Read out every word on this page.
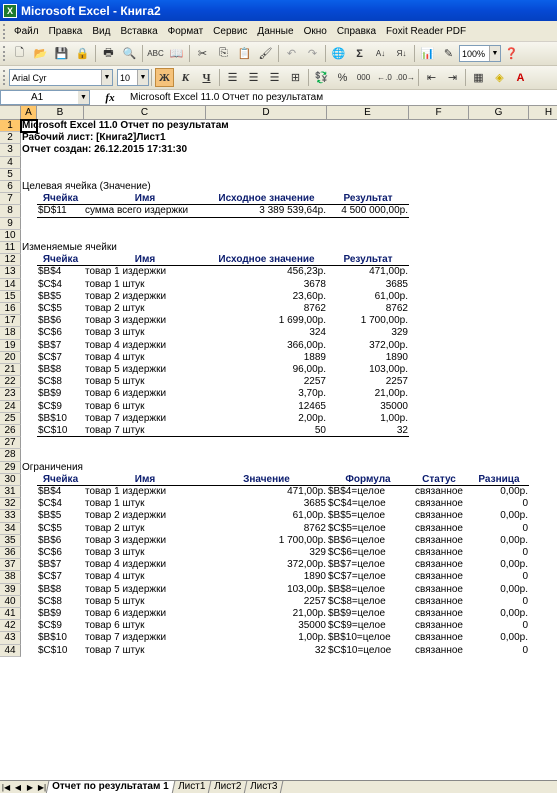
X Microsoft Excel - Книга2
Файл	Правка	Вид	Вставка	Формат	Сервис	Данные	Окно	Справка	Foxit Reader PDF
🗋 📂 💾 🔒	🖶 🔍	ABC 📖	✂	⎘ 📋 🖌	↶	↷	🌐 Σ	A↓	Я↓	📊 ✎ 100% ▼ ❓
Arial Cyr	▼ 10	▼	Ж	К	Ч	☰	☰	☰	⊞	💱 %	000 ←.0 .00→	⇤	⇥	▦	◈	A
A1	▼	fx	Microsoft Excel 11.0 Отчет по результатам
A	B	C	D	E	F	G	H
1 Microsoft Excel 11.0 Отчет по результатам
2 Рабочий лист: [Книга2]Лист1
3 Отчет создан: 26.12.2015 17:31:30
4
5
6 Целевая ячейка (Значение)
7	Ячейка	Имя	Исходное значение	Результат
8	$D$11	сумма всего издержки	3 389 539,64р.	4 500 000,00р.
9
10
11 Изменяемые ячейки
12	Ячейка	Имя	Исходное значение	Результат
13	$B$4	товар 1 издержки	456,23р.	471,00р.
14	$C$4	товар 1 штук	3678	3685
15	$B$5	товар 2 издержки	23,60р.	61,00р.
16	$C$5	товар 2 штук	8762	8762
17	$B$6	товар 3 издержки	1 699,00р.	1 700,00р.
18	$C$6	товар 3 штук	324	329
19	$B$7	товар 4 издержки	366,00р.	372,00р.
20	$C$7	товар 4 штук	1889	1890
21	$B$8	товар 5 издержки	96,00р.	103,00р.
22	$C$8	товар 5 штук	2257	2257
23	$B$9	товар 6 издержки	3,70р.	21,00р.
24	$C$9	товар 6 штук	12465	35000
25	$B$10	товар 7 издержки	2,00р.	1,00р.
26	$C$10	товар 7 штук	50	32
27
28
29 Ограничения
30	Ячейка	Имя	Значение	Формула	Статус	Разница
31	$B$4	товар 1 издержки	471,00р. $B$4=целое	связанное	0,00р.
32	$C$4	товар 1 штук	3685 $C$4=целое	связанное	0
33	$B$5	товар 2 издержки	61,00р. $B$5=целое	связанное	0,00р.
34	$C$5	товар 2 штук	8762 $C$5=целое	связанное	0
35	$B$6	товар 3 издержки	1 700,00р. $B$6=целое	связанное	0,00р.
36	$C$6	товар 3 штук	329 $C$6=целое	связанное	0
37	$B$7	товар 4 издержки	372,00р. $B$7=целое	связанное	0,00р.
38	$C$7	товар 4 штук	1890 $C$7=целое	связанное	0
39	$B$8	товар 5 издержки	103,00р. $B$8=целое	связанное	0,00р.
40	$C$8	товар 5 штук	2257 $C$8=целое	связанное	0
41	$B$9	товар 6 издержки	21,00р. $B$9=целое	связанное	0,00р.
42	$C$9	товар 6 штук	35000 $C$9=целое	связанное	0
43	$B$10	товар 7 издержки	1,00р. $B$10=целое	связанное	0,00р.
44	$C$10	товар 7 штук	32 $C$10=целое	связанное	0
|◀ ◀ ▶ ▶| Отчет по результатам 1 Лист1 Лист2 Лист3
